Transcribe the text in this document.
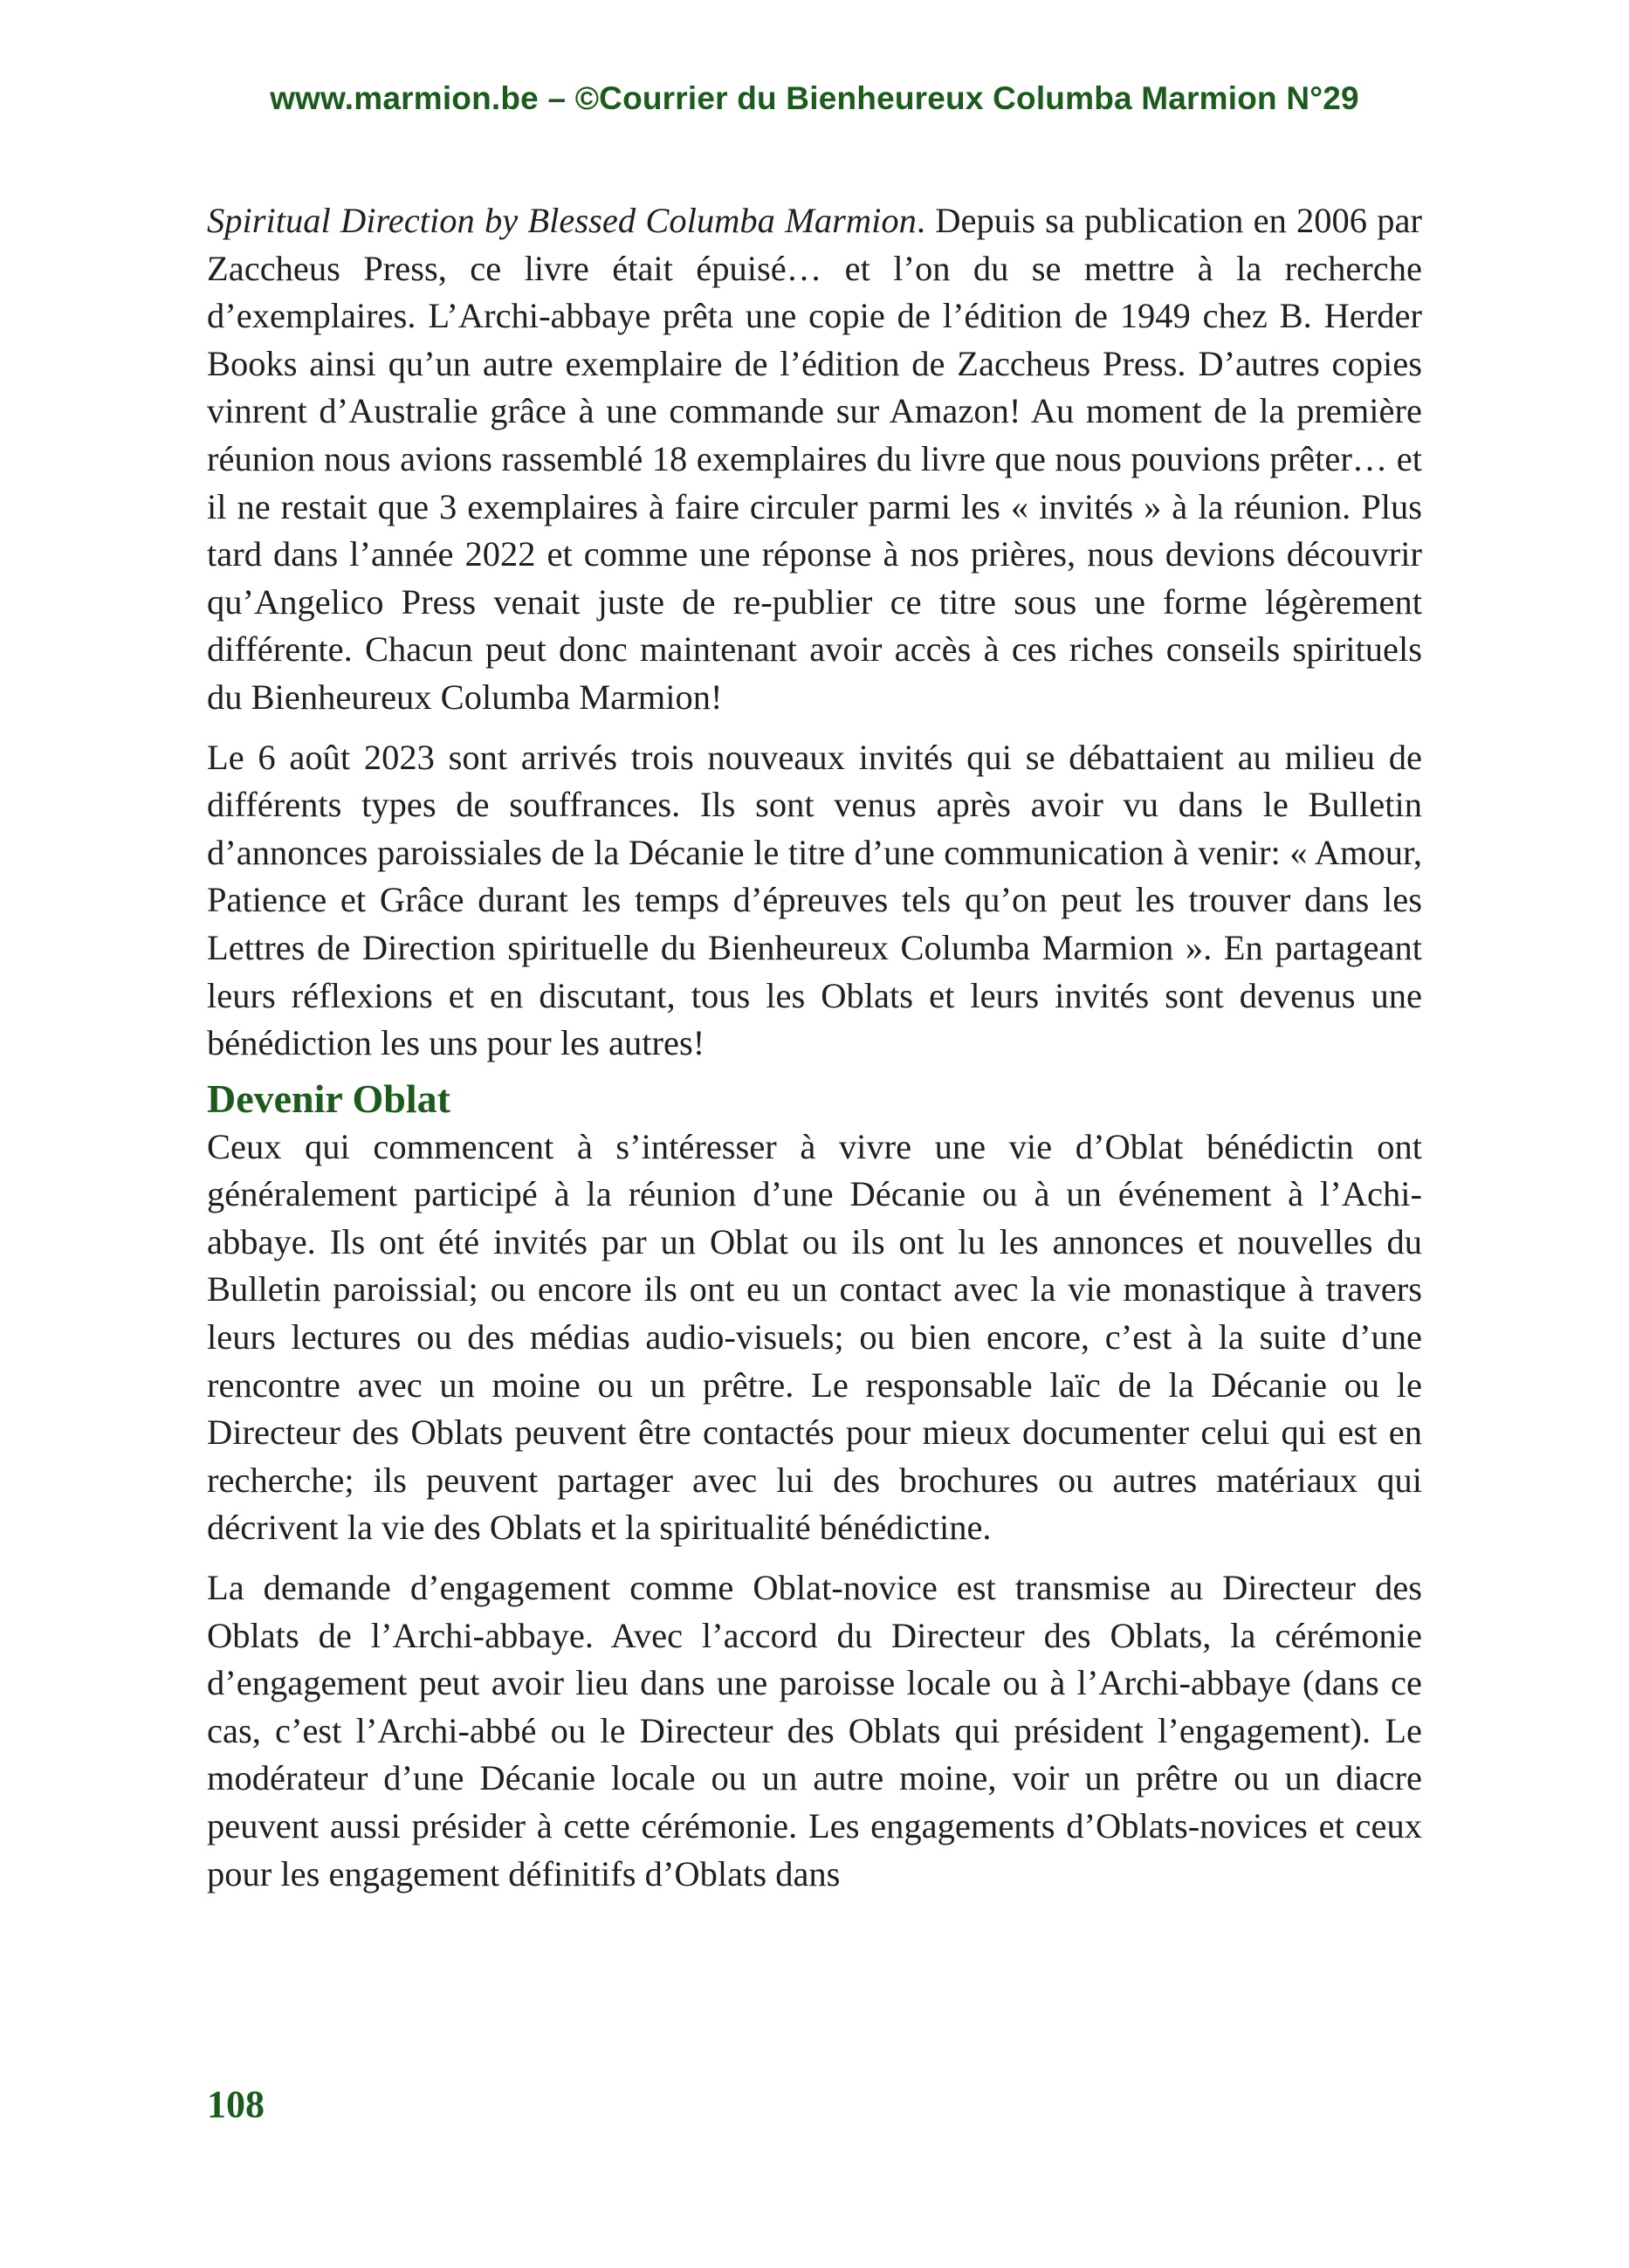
www.marmion.be – ©Courrier du Bienheureux Columba Marmion N°29

Spiritual Direction by Blessed Columba Marmion. Depuis sa publication en 2006 par Zaccheus Press, ce livre était épuisé… et l’on du se mettre à la recherche d’exemplaires. L’Archi-abbaye prêta une copie de l’édition de 1949 chez B. Herder Books ainsi qu’un autre exemplaire de l’édition de Zaccheus Press. D’autres copies vinrent d’Australie grâce à une commande sur Amazon! Au moment de la première réunion nous avions rassemblé 18 exemplaires du livre que nous pouvions prêter… et il ne restait que 3 exemplaires à faire circuler parmi les « invités » à la réunion. Plus tard dans l’année 2022 et comme une réponse à nos prières, nous devions découvrir qu’Angelico Press venait juste de re-publier ce titre sous une forme légèrement différente. Chacun peut donc maintenant avoir accès à ces riches conseils spirituels du Bienheureux Columba Marmion!

Le 6 août 2023 sont arrivés trois nouveaux invités qui se débattaient au milieu de différents types de souffrances. Ils sont venus après avoir vu dans le Bulletin d’annonces paroissiales de la Décanie le titre d’une communication à venir: « Amour, Patience et Grâce durant les temps d’épreuves tels qu’on peut les trouver dans les Lettres de Direction spirituelle du Bienheureux Columba Marmion ». En partageant leurs réflexions et en discutant, tous les Oblats et leurs invités sont devenus une bénédiction les uns pour les autres!

Devenir Oblat

Ceux qui commencent à s’intéresser à vivre une vie d’Oblat bénédictin ont généralement participé à la réunion d’une Décanie ou à un événement à l’Achi-abbaye. Ils ont été invités par un Oblat ou ils ont lu les annonces et nouvelles du Bulletin paroissial; ou encore ils ont eu un contact avec la vie monastique à travers leurs lectures ou des médias audio-visuels; ou bien encore, c’est à la suite d’une rencontre avec un moine ou un prêtre. Le responsable laïc de la Décanie ou le Directeur des Oblats peuvent être contactés pour mieux documenter celui qui est en recherche; ils peuvent partager avec lui des brochures ou autres matériaux qui décrivent la vie des Oblats et la spiritualité bénédictine.

La demande d’engagement comme Oblat-novice est transmise au Directeur des Oblats de l’Archi-abbaye. Avec l’accord du Directeur des Oblats, la cérémonie d’engagement peut avoir lieu dans une paroisse locale ou à l’Archi-abbaye (dans ce cas, c’est l’Archi-abbé ou le Directeur des Oblats qui président l’engagement). Le modérateur d’une Décanie locale ou un autre moine, voir un prêtre ou un diacre peuvent aussi présider à cette cérémonie. Les engagements d’Oblats-novices et ceux pour les engagement définitifs d’Oblats dans

108
